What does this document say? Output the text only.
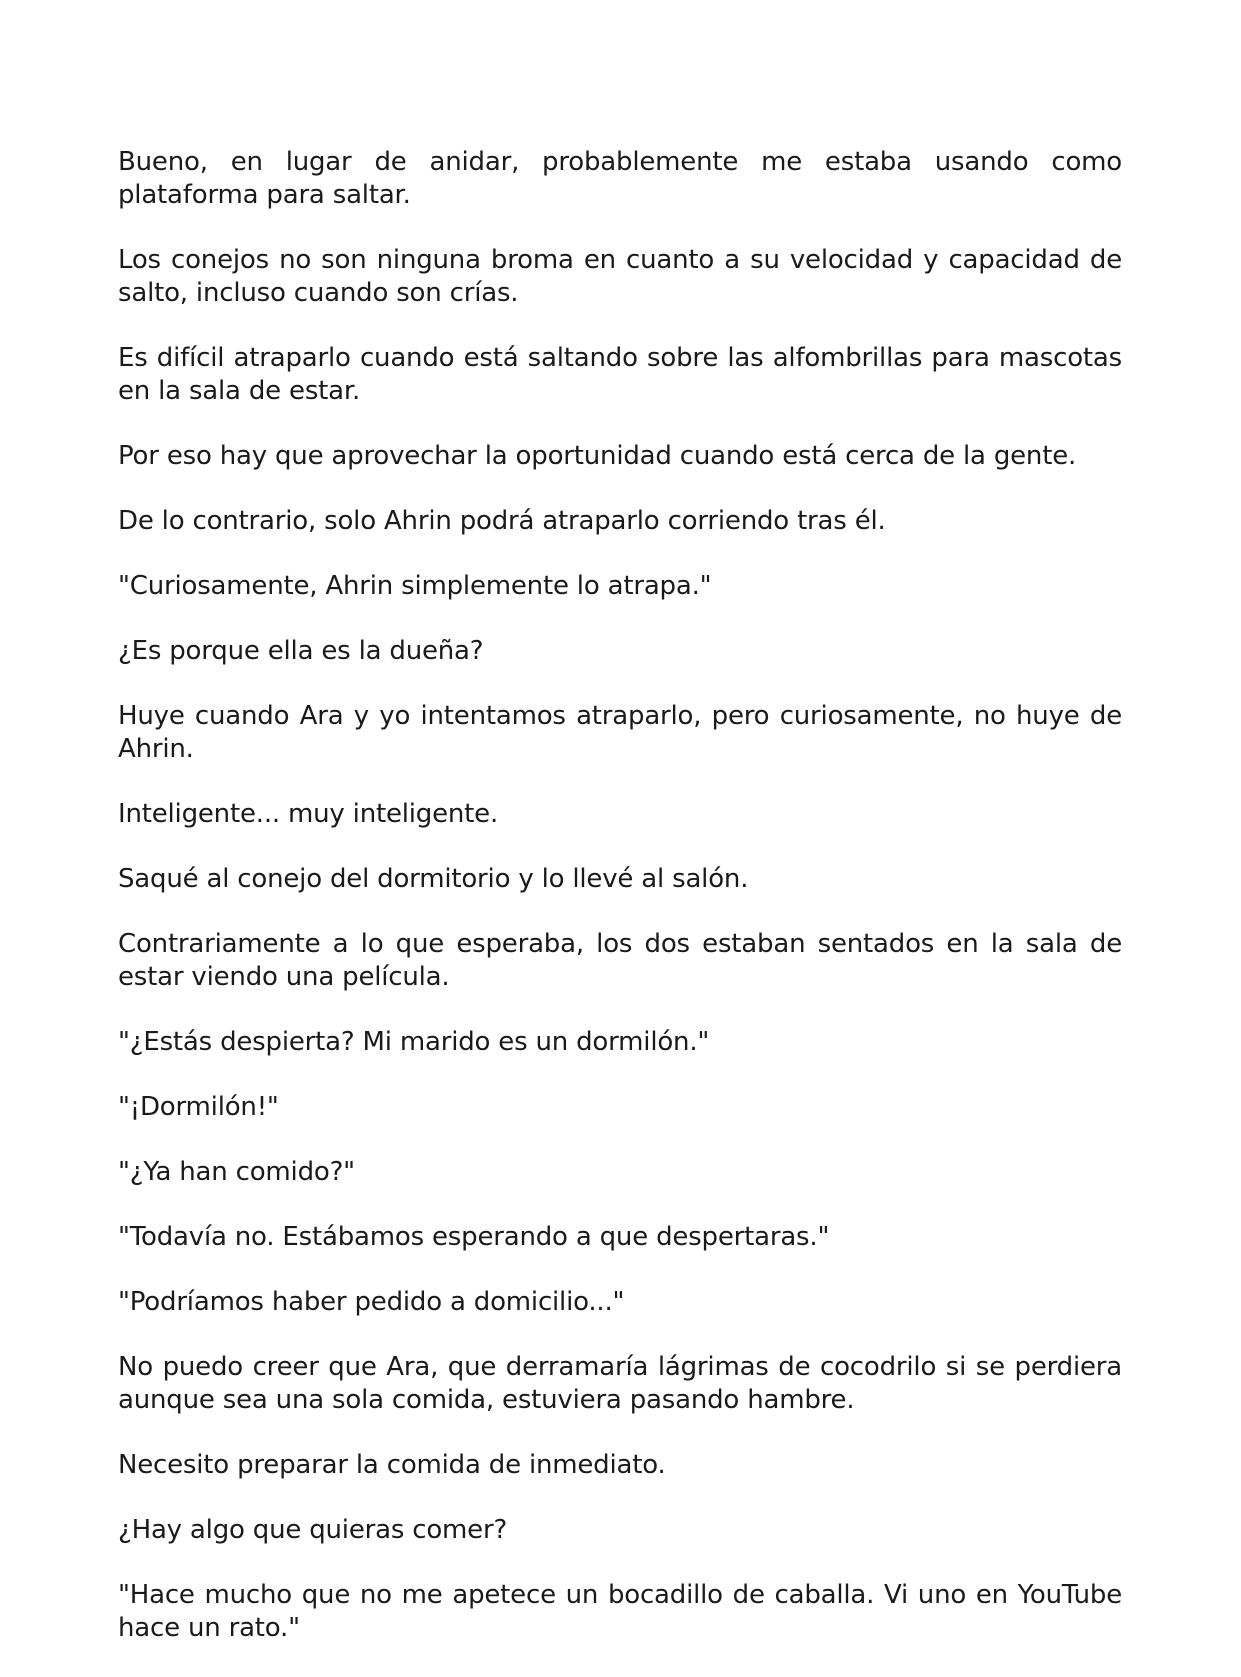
Bueno, en lugar de anidar, probablemente me estaba usando como plataforma para saltar.

Los conejos no son ninguna broma en cuanto a su velocidad y capacidad de salto, incluso cuando son crías.

Es difícil atraparlo cuando está saltando sobre las alfombrillas para mascotas en la sala de estar.

Por eso hay que aprovechar la oportunidad cuando está cerca de la gente.

De lo contrario, solo Ahrin podrá atraparlo corriendo tras él.

"Curiosamente, Ahrin simplemente lo atrapa."

¿Es porque ella es la dueña?

Huye cuando Ara y yo intentamos atraparlo, pero curiosamente, no huye de Ahrin.

Inteligente... muy inteligente.

Saqué al conejo del dormitorio y lo llevé al salón.

Contrariamente a lo que esperaba, los dos estaban sentados en la sala de estar viendo una película.

"¿Estás despierta? Mi marido es un dormilón."

"¡Dormilón!"

"¿Ya han comido?"

"Todavía no. Estábamos esperando a que despertaras."

"Podríamos haber pedido a domicilio..."

No puedo creer que Ara, que derramaría lágrimas de cocodrilo si se perdiera aunque sea una sola comida, estuviera pasando hambre.

Necesito preparar la comida de inmediato.

¿Hay algo que quieras comer?

"Hace mucho que no me apetece un bocadillo de caballa. Vi uno en YouTube hace un rato."
